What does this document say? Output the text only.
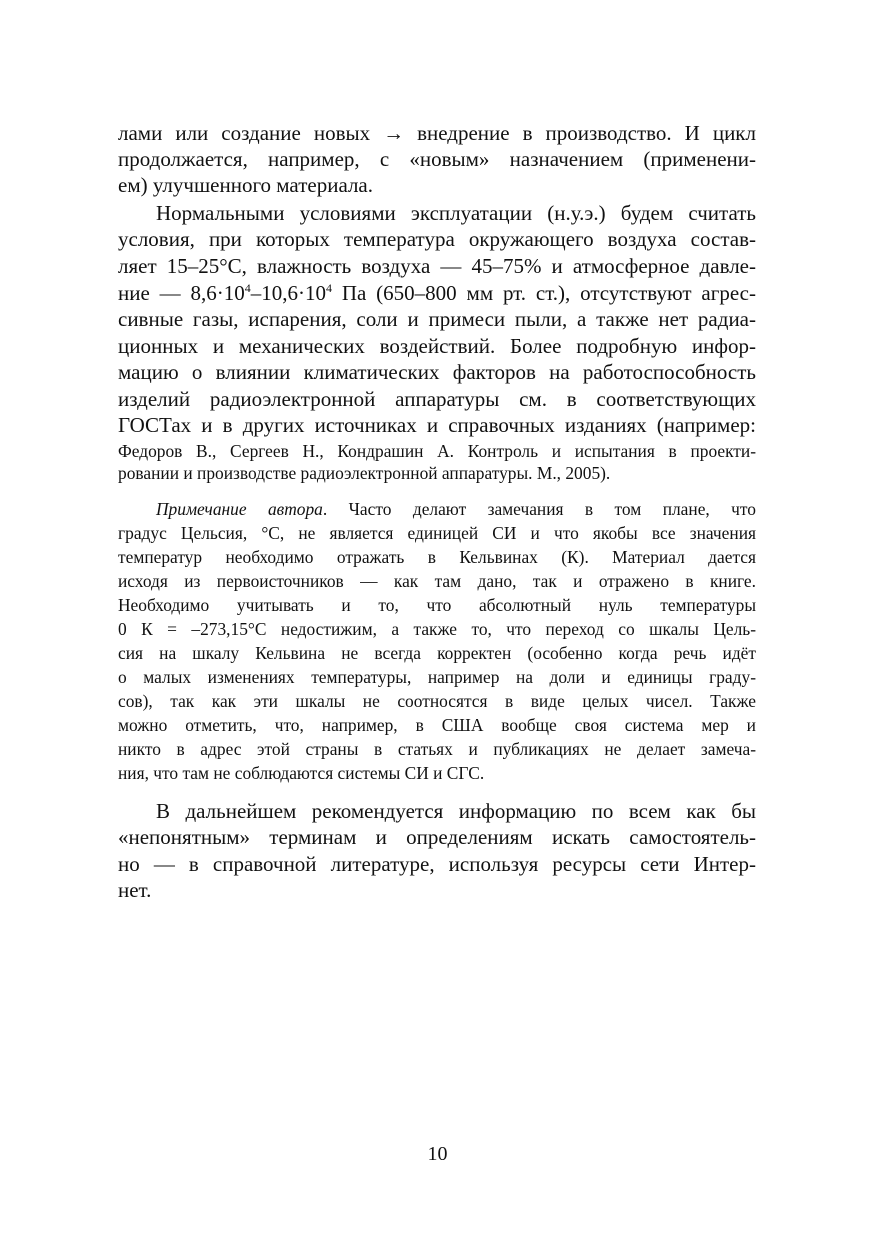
лами или создание новых → внедрение в производство. И цикл
продолжается, например, с «новым» назначением (применени-
ем) улучшенного материала.
Нормальными условиями эксплуатации (н.у.э.) будем считать
условия, при которых температура окружающего воздуха состав-
ляет 15–25°C, влажность воздуха — 45–75% и атмосферное давле-
ние — $8,6\cdot 10^4-10,6\cdot 10^4$ Па (650–800 мм рт. ст.), отсутствуют агрес-
сивные газы, испарения, соли и примеси пыли, а также нет радиа-
ционных и механических воздействий. Более подробную инфор-
мацию о влиянии климатических факторов на работоспособность
изделий радиоэлектронной аппаратуры см. в соответствующих
ГОСТах и в других источниках и справочных изданиях (например:
Федоров В., Сергеев Н., Кондрашин А. Контроль и испытания в проекти-
ровании и производстве радиоэлектронной аппаратуры. М., 2005).
Примечание автора. Часто делают замечания в том плане, что
градус Цельсия, °С, не является единицей СИ и что якобы все значения
температур необходимо отражать в Кельвинах (К). Материал дается
исходя из первоисточников — как там дано, так и отражено в книге.
Необходимо учитывать и то, что абсолютный нуль температуры
0 К = –273,15°С недостижим, а также то, что переход со шкалы Цель-
сия на шкалу Кельвина не всегда корректен (особенно когда речь идёт
о малых изменениях температуры, например на доли и единицы граду-
сов), так как эти шкалы не соотносятся в виде целых чисел. Также
можно отметить, что, например, в США вообще своя система мер и
никто в адрес этой страны в статьях и публикациях не делает замеча-
ния, что там не соблюдаются системы СИ и СГС.
В дальнейшем рекомендуется информацию по всем как бы
«непонятным» терминам и определениям искать самостоятель-
но — в справочной литературе, используя ресурсы сети Интер-
нет.
10
